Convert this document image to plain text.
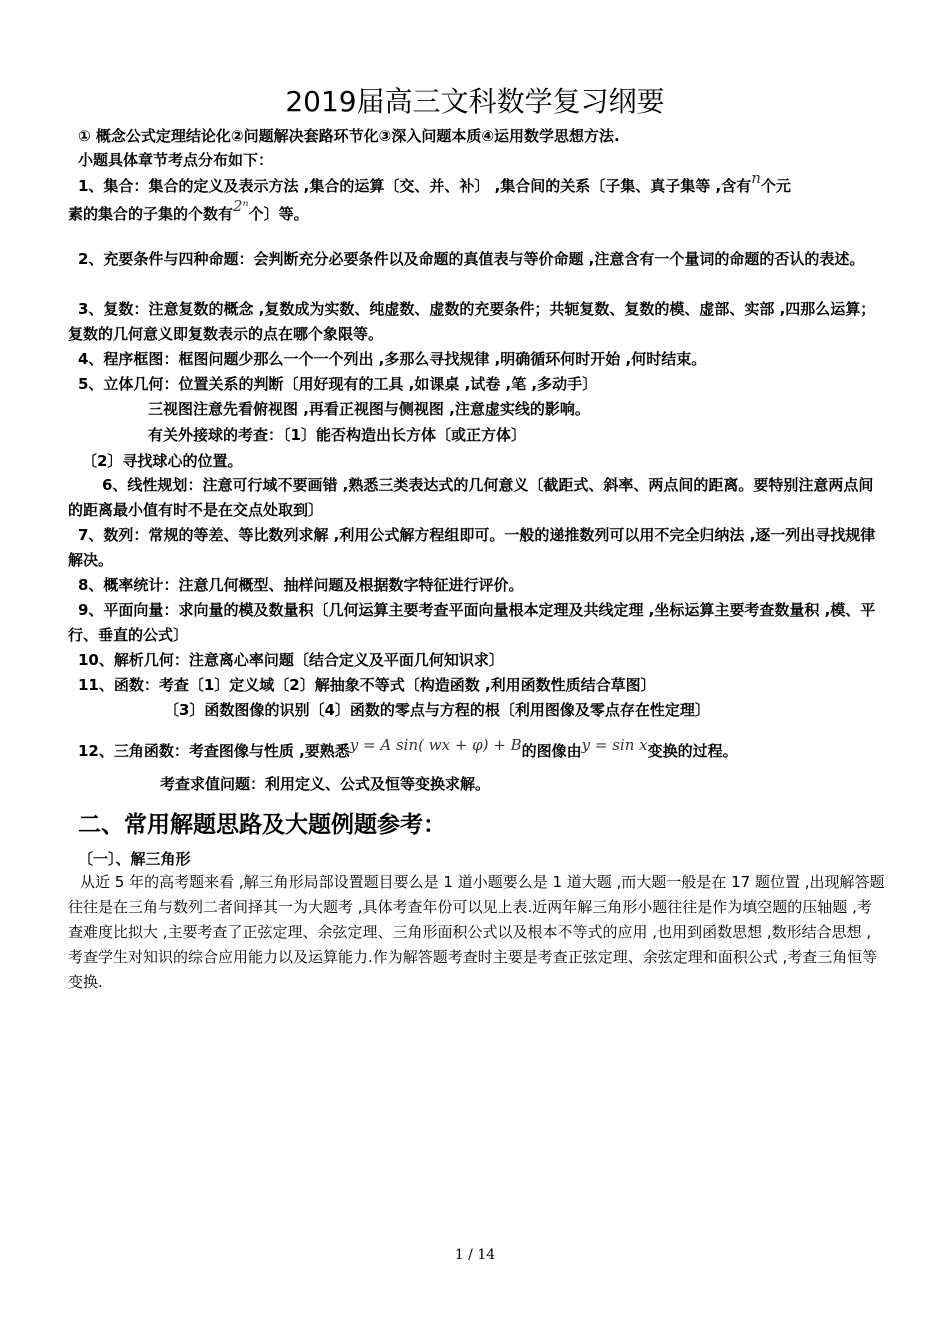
2019届高三文科数学复习纲要

① 概念公式定理结论化②问题解决套路环节化③深入问题本质④运用数学思想方法.

小题具体章节考点分布如下：

1、集合：集合的定义及表示方法 ,集合的运算〔交、并、补〕 ,集合间的关系〔子集、真子集等 ,含有n个元

素的集合的子集的个数有2ⁿ个〕等。

2、充要条件与四种命题：会判断充分必要条件以及命题的真值表与等价命题 ,注意含有一个量词的命题的否认的表述。

3、复数：注意复数的概念 ,复数成为实数、纯虚数、虚数的充要条件；共轭复数、复数的模、虚部、实部 ,四那么运算；复数的几何意义即复数表示的点在哪个象限等。

4、程序框图：框图问题少那么一个一个列出 ,多那么寻找规律 ,明确循环何时开始 ,何时结束。

5、立体几何：位置关系的判断〔用好现有的工具 ,如课桌 ,试卷 ,笔 ,多动手〕

三视图注意先看俯视图 ,再看正视图与侧视图 ,注意虚实线的影响。

有关外接球的考查：〔1〕能否构造出长方体〔或正方体〕

〔2〕寻找球心的位置。

6、线性规划：注意可行域不要画错 ,熟悉三类表达式的几何意义〔截距式、斜率、两点间的距离。要特别注意两点间的距离最小值有时不是在交点处取到〕

7、数列：常规的等差、等比数列求解 ,利用公式解方程组即可。一般的递推数列可以用不完全归纳法 ,逐一列出寻找规律解决。

8、概率统计：注意几何概型、抽样问题及根据数字特征进行评价。

9、平面向量：求向量的模及数量积〔几何运算主要考查平面向量根本定理及共线定理 ,坐标运算主要考查数量积 ,模、平行、垂直的公式〕

10、解析几何：注意离心率问题〔结合定义及平面几何知识求〕

11、函数：考查〔1〕定义域〔2〕解抽象不等式〔构造函数 ,利用函数性质结合草图〕

〔3〕函数图像的识别〔4〕函数的零点与方程的根〔利用图像及零点存在性定理〕

12、三角函数：考查图像与性质 ,要熟悉y = A sin( wx + φ) + B的图像由y = sin x变换的过程。

考查求值问题：利用定义、公式及恒等变换求解。

二、常用解题思路及大题例题参考：

〔一〕、解三角形

从近 5 年的高考题来看 ,解三角形局部设置题目要么是 1 道小题要么是 1 道大题 ,而大题一般是在 17 题位置 ,出现解答题往往是在三角与数列二者间择其一为大题考 ,具体考查年份可以见上表.近两年解三角形小题往往是作为填空题的压轴题 ,考查难度比拟大 ,主要考查了正弦定理、余弦定理、三角形面积公式以及根本不等式的应用 ,也用到函数思想 ,数形结合思想 ,考查学生对知识的综合应用能力以及运算能力.作为解答题考查时主要是考查正弦定理、余弦定理和面积公式 ,考查三角恒等变换.

1 / 14
